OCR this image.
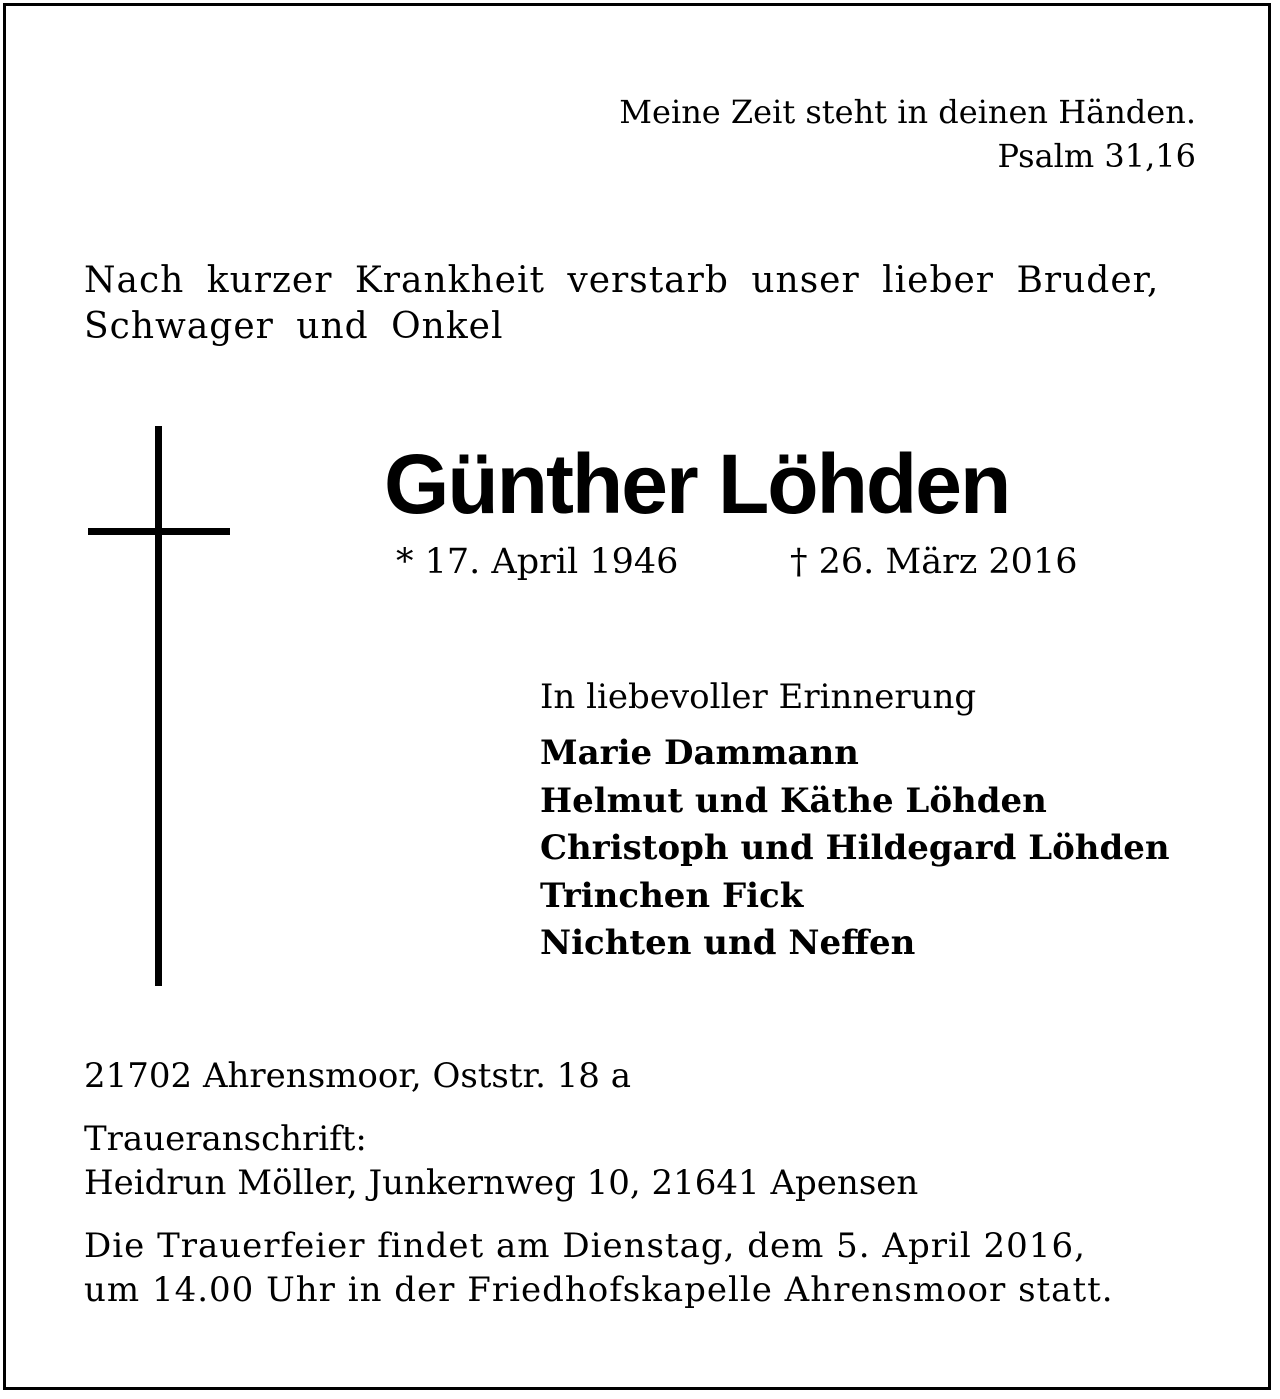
Meine Zeit steht in deinen Händen.
Psalm 31,16
Nach kurzer Krankheit verstarb unser lieber Bruder,
Schwager und Onkel
Günther Löhden
* 17. April 1946	† 26. März 2016
In liebevoller Erinnerung
Marie Dammann
Helmut und Käthe Löhden
Christoph und Hildegard Löhden
Trinchen Fick
Nichten und Neffen
21702 Ahrensmoor, Oststr. 18 a
Traueranschrift:
Heidrun Möller, Junkernweg 10, 21641 Apensen
Die Trauerfeier findet am Dienstag, dem 5. April 2016,
um 14.00 Uhr in der Friedhofskapelle Ahrensmoor statt.
